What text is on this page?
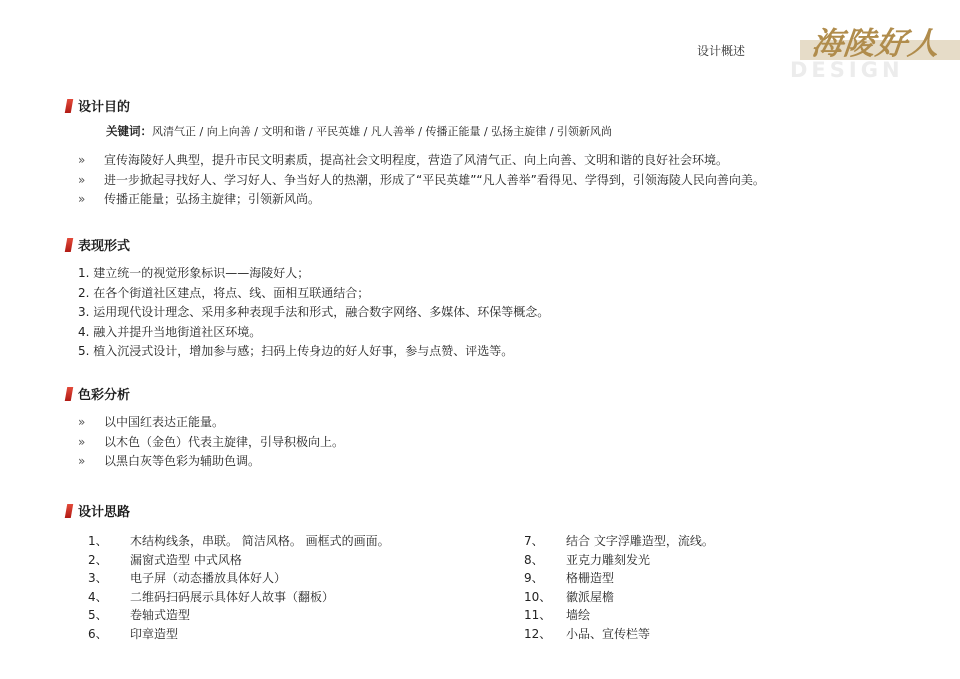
设计概述 海陵好人
DESIGN
设计目的
关键词：风清气正 / 向上向善 / 文明和谐 / 平民英雄 / 凡人善举 / 传播正能量 / 弘扬主旋律 / 引领新风尚
»	宣传海陵好人典型，提升市民文明素质，提高社会文明程度，营造了风清气正、向上向善、文明和谐的良好社会环境。
»	进一步掀起寻找好人、学习好人、争当好人的热潮，形成了“平民英雄”“凡人善举”看得见、学得到，引领海陵人民向善向美。
»	传播正能量；弘扬主旋律；引领新风尚。
表现形式
1. 建立统一的视觉形象标识——海陵好人；
2. 在各个街道社区建点，将点、线、面相互联通结合；
3. 运用现代设计理念、采用多种表现手法和形式，融合数字网络、多媒体、环保等概念。
4. 融入并提升当地街道社区环境。
5. 植入沉浸式设计，增加参与感；扫码上传身边的好人好事，参与点赞、评选等。
色彩分析
»	以中国红表达正能量。
»	以木色（金色）代表主旋律，引导积极向上。
»	以黑白灰等色彩为辅助色调。
设计思路
1、	木结构线条，串联。 简洁风格。 画框式的画面。
2、	漏窗式造型 中式风格
3、	电子屏（动态播放具体好人）
4、	二维码扫码展示具体好人故事（翻板）
5、	卷轴式造型
6、	印章造型
7、	结合 文字浮雕造型，流线。
8、	亚克力雕刻发光
9、	格栅造型
10、	徽派屋檐
11、	墙绘
12、	小品、宣传栏等
